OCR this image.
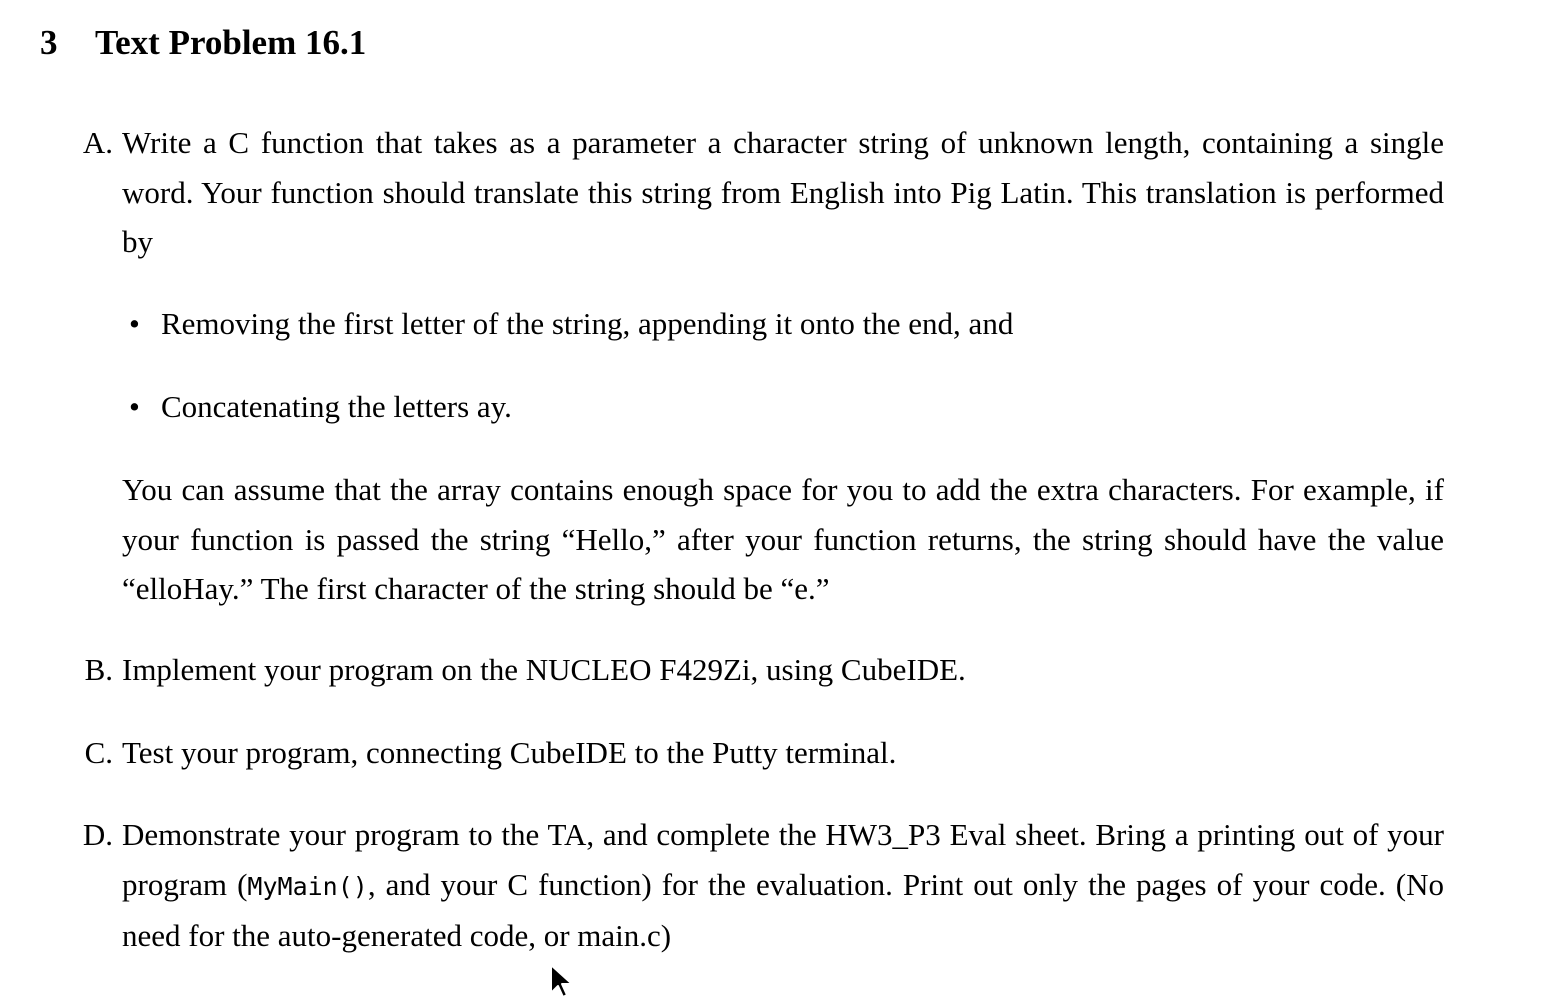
3 Text Problem 16.1
A. Write a C function that takes as a parameter a character string of unknown length, containing a single word. Your function should translate this string from English into Pig Latin. This translation is performed by
• Removing the first letter of the string, appending it onto the end, and
• Concatenating the letters ay.
You can assume that the array contains enough space for you to add the extra characters. For example, if your function is passed the string “Hello,” after your function returns, the string should have the value “elloHay.” The first character of the string should be “e.”
B. Implement your program on the NUCLEO F429Zi, using CubeIDE.
C. Test your program, connecting CubeIDE to the Putty terminal.
D. Demonstrate your program to the TA, and complete the HW3_P3 Eval sheet. Bring a printing out of your program (MyMain(), and your C function) for the evaluation. Print out only the pages of your code. (No need for the auto-generated code, or main.c)
